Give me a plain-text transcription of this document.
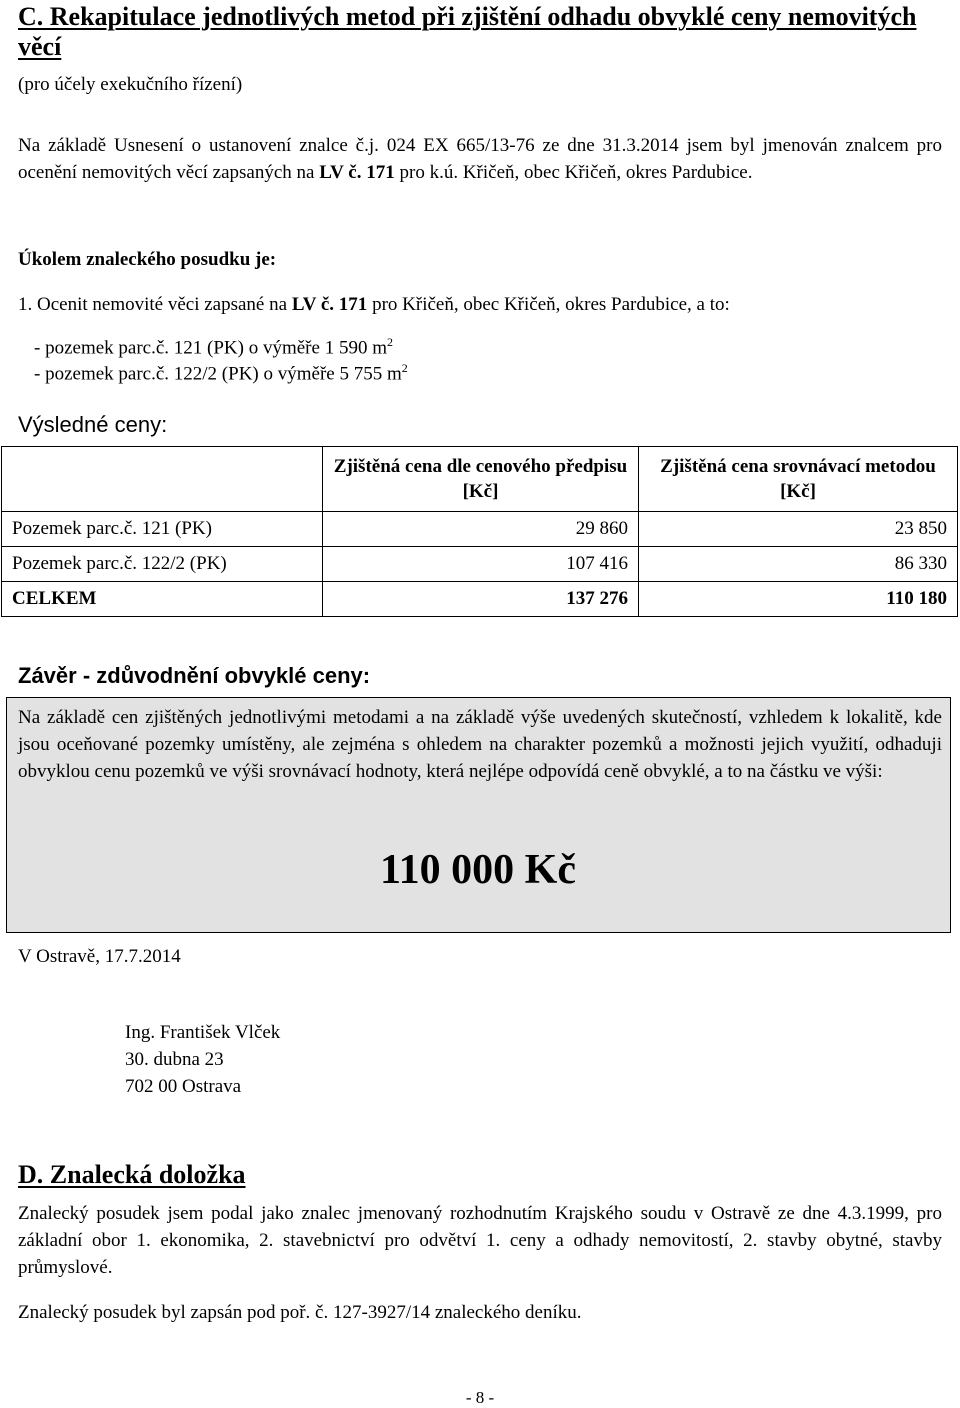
C. Rekapitulace jednotlivých metod při zjištění odhadu obvyklé ceny nemovitých věcí
(pro účely exekučního řízení)
Na základě Usnesení o ustanovení znalce č.j. 024 EX 665/13-76 ze dne 31.3.2014 jsem byl jmenován znalcem pro ocenění nemovitých věcí zapsaných na LV č. 171 pro k.ú. Křičeň, obec Křičeň, okres Pardubice.
Úkolem znaleckého posudku je:
1. Ocenit nemovité věci zapsané na LV č. 171 pro Křičeň, obec Křičeň, okres Pardubice, a to:
- pozemek parc.č. 121 (PK) o výměře 1 590 $m^2$
- pozemek parc.č. 122/2 (PK) o výměře 5 755 $m^2$
Výsledné ceny:
	Zjištěná cena dle cenového předpisu [Kč]	Zjištěná cena srovnávací metodou [Kč]
Pozemek parc.č. 121 (PK)	29 860	23 850
Pozemek parc.č. 122/2 (PK)	107 416	86 330
CELKEM	137 276	110 180
Závěr - zdůvodnění obvyklé ceny:
Na základě cen zjištěných jednotlivými metodami a na základě výše uvedených skutečností, vzhledem k lokalitě, kde jsou oceňované pozemky umístěny, ale zejména s ohledem na charakter pozemků a možnosti jejich využití, odhaduji obvyklou cenu pozemků ve výši srovnávací hodnoty, která nejlépe odpovídá ceně obvyklé, a to na částku ve výši:
110 000 Kč
V Ostravě, 17.7.2014
Ing. František Vlček
30. dubna 23
702 00 Ostrava
D. Znalecká doložka
Znalecký posudek jsem podal jako znalec jmenovaný rozhodnutím Krajského soudu v Ostravě ze dne 4.3.1999, pro základní obor 1. ekonomika, 2. stavebnictví pro odvětví 1. ceny a odhady nemovitostí, 2. stavby obytné, stavby průmyslové.
Znalecký posudek byl zapsán pod poř. č. 127-3927/14 znaleckého deníku.
- 8 -
